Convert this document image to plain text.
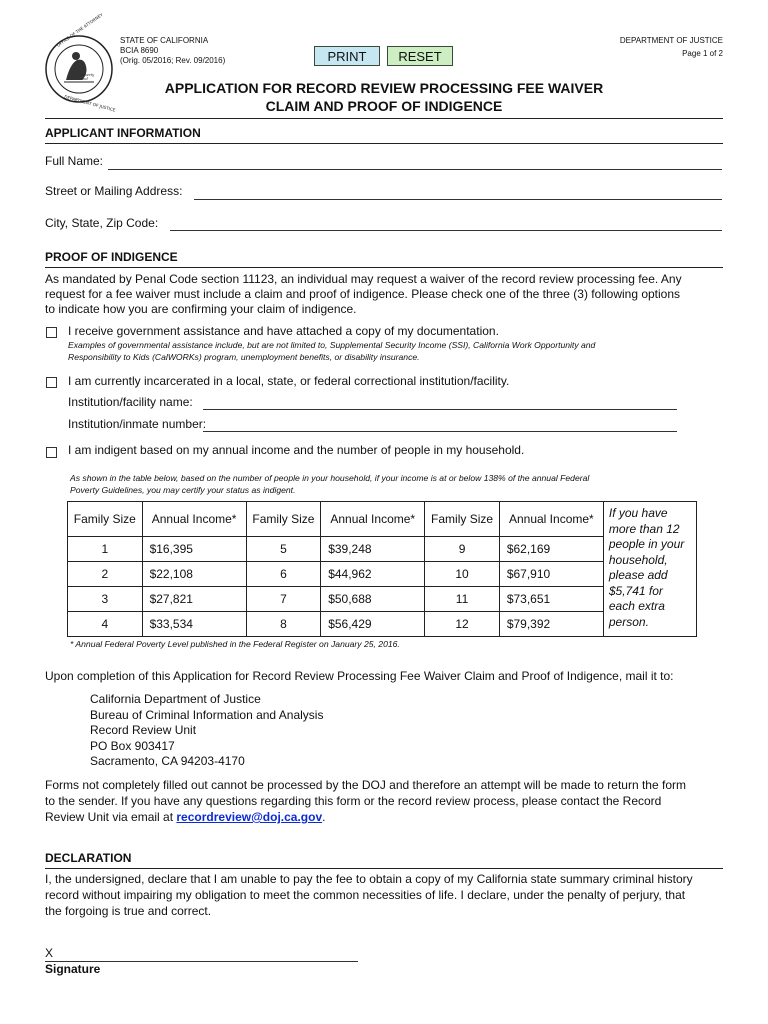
OFFICE OF THE ATTORNEY
DEPARTMENT OF JUSTICE
Liberty
and
STATE OF CALIFORNIA
BCIA 8690
(Orig. 05/2016; Rev. 09/2016)
DEPARTMENT OF JUSTICE
Page 1 of 2
PRINT	RESET
APPLICATION FOR RECORD REVIEW PROCESSING FEE WAIVER
CLAIM AND PROOF OF INDIGENCE
APPLICANT INFORMATION
Full Name:
Street or Mailing Address:
City, State, Zip Code:
PROOF OF INDIGENCE
As mandated by Penal Code section 11123, an individual may request a waiver of the record review processing fee. Any
request for a fee waiver must include a claim and proof of indigence. Please check one of the three (3) following options
to indicate how you are confirming your claim of indigence.
I receive government assistance and have attached a copy of my documentation.
Examples of governmental assistance include, but are not limited to, Supplemental Security Income (SSI), California Work Opportunity and
Responsibility to Kids (CalWORKs) program, unemployment benefits, or disability insurance.
I am currently incarcerated in a local, state, or federal correctional institution/facility.
Institution/facility name:
Institution/inmate number:
I am indigent based on my annual income and the number of people in my household.
As shown in the table below, based on the number of people in your household, if your income is at or below 138% of the annual Federal
Poverty Guidelines, you may certify your status as indigent.
Family Size	Annual Income*	Family Size	Annual Income*	Family Size	Annual Income*	If you have more than 12 people in your household, please add $5,741 for each extra person.
1	$16,395	5	$39,248	9	$62,169	
2	$22,108	6	$44,962	10	$67,910	
3	$27,821	7	$50,688	11	$73,651	
4	$33,534	8	$56,429	12	$79,392	
* Annual Federal Poverty Level published in the Federal Register on January 25, 2016.
Upon completion of this Application for Record Review Processing Fee Waiver Claim and Proof of Indigence, mail it to:
California Department of Justice
Bureau of Criminal Information and Analysis
Record Review Unit
PO Box 903417
Sacramento, CA 94203-4170
Forms not completely filled out cannot be processed by the DOJ and therefore an attempt will be made to return the form
to the sender. If you have any questions regarding this form or the record review process, please contact the Record
Review Unit via email at recordreview@doj.ca.gov.
DECLARATION
I, the undersigned, declare that I am unable to pay the fee to obtain a copy of my California state summary criminal history
record without impairing my obligation to meet the common necessities of life. I declare, under the penalty of perjury, that
the forgoing is true and correct.
X
Signature
